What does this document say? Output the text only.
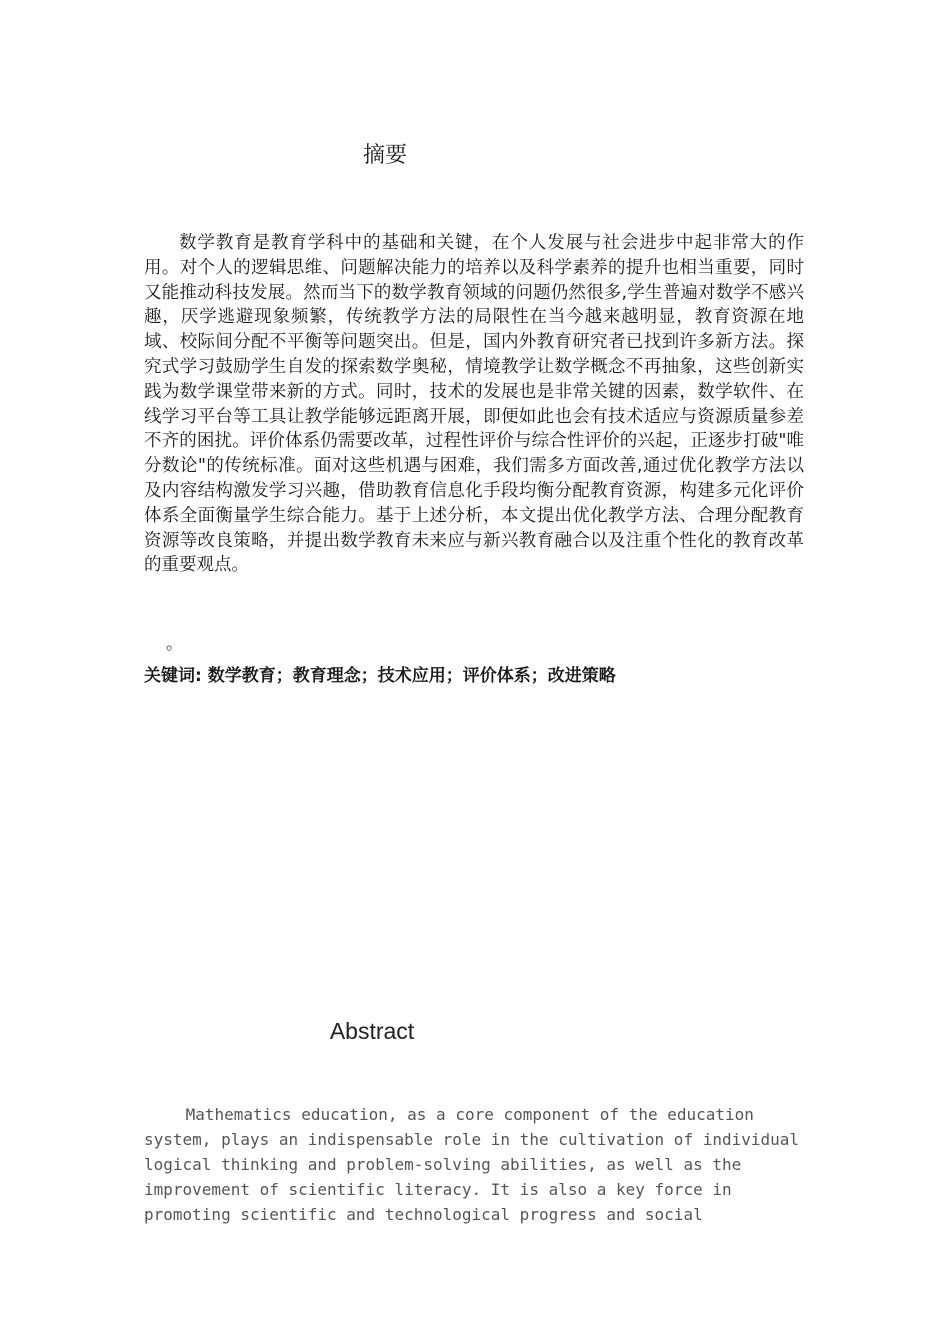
摘要

数学教育是教育学科中的基础和关键，在个人发展与社会进步中起非常大的作用。对个人的逻辑思维、问题解决能力的培养以及科学素养的提升也相当重要，同时又能推动科技发展。然而当下的数学教育领域的问题仍然很多,学生普遍对数学不感兴趣，厌学逃避现象频繁，传统教学方法的局限性在当今越来越明显，教育资源在地域、校际间分配不平衡等问题突出。但是，国内外教育研究者已找到许多新方法。探究式学习鼓励学生自发的探索数学奥秘，情境教学让数学概念不再抽象，这些创新实践为数学课堂带来新的方式。同时，技术的发展也是非常关键的因素，数学软件、在线学习平台等工具让教学能够远距离开展，即便如此也会有技术适应与资源质量参差不齐的困扰。评价体系仍需要改革，过程性评价与综合性评价的兴起，正逐步打破"唯分数论"的传统标准。面对这些机遇与困难，我们需多方面改善,通过优化教学方法以及内容结构激发学习兴趣，借助教育信息化手段均衡分配教育资源，构建多元化评价体系全面衡量学生综合能力。基于上述分析，本文提出优化教学方法、合理分配教育资源等改良策略，并提出数学教育未来应与新兴教育融合以及注重个性化的教育改革的重要观点。

。
关键词: 数学教育；教育理念；技术应用；评价体系；改进策略
Abstract

Mathematics education, as a core component of the education system, plays an indispensable role in the cultivation of individual logical thinking and problem-solving abilities, as well as the improvement of scientific literacy. It is also a key force in promoting scientific and technological progress and social
